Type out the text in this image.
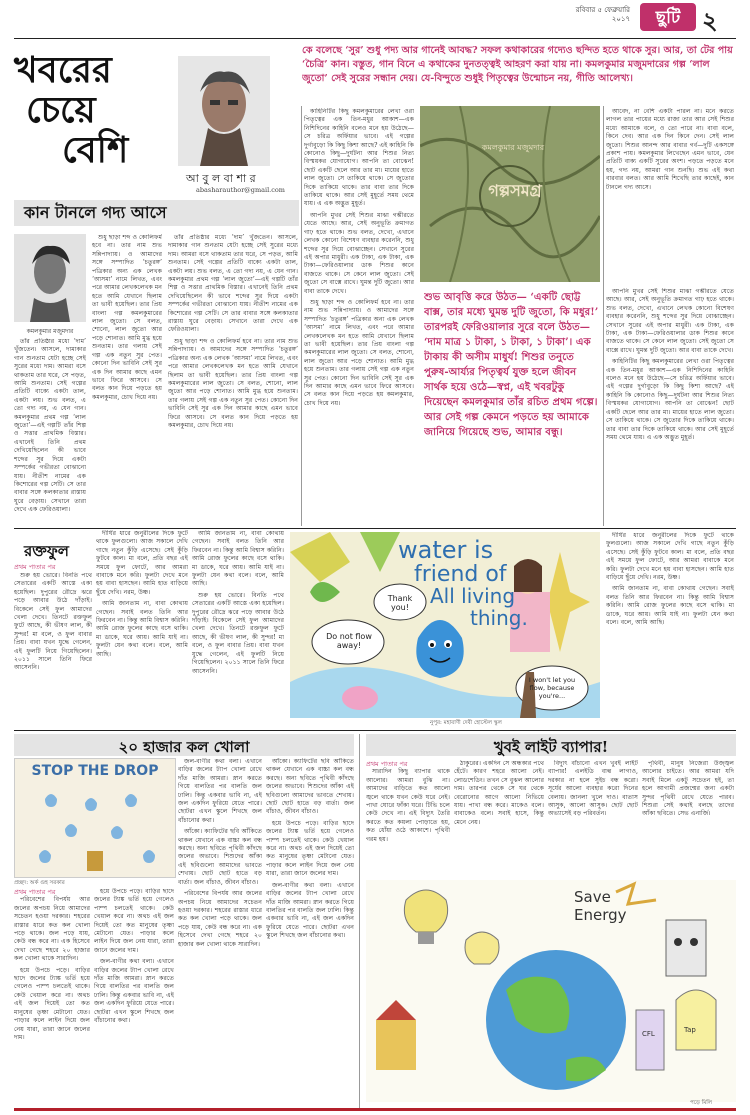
রবিবার ৫ ফেব্রুয়ারি ২০১৭	ছুটি ২
খবরের
চেয়ে
বেশি
আ বু ল বা শা র
abasharauthor@gmail.com
কে বলেছে ‘সুর’ শুধু পদ্য আর গানেই আবদ্ধ? সফল কথাকারের গদ্যেও ছন্দিত হতে থাকে সুর। আর, তা টের পায় ‘চৈত্রি’ কান। বস্তুত, গান বিনে এ কথাকের দুনতত্ত্বই আহরণ করা যায় না। কমলকুমার মজুমদারের গল্প ‘লাল জুতো’ সেই সুরের সন্ধান দেয়। যে-বিন্দুতে শুধুই পিতৃত্বের উন্মোচন নয়, গীতি আলেখ্য।
কান টানলে গদ্য আসে
কমলকুমার মজুমদার

শুধু ছাড়া শব্দ ও কোলিফর্ম হবে না। তার নাম শুভ সন্নিপাদ্যায়। ও আমাদের সঙ্গে সম্পাদিত ‘চতুরঙ্গ’ পত্রিকার অন্য এক লেখক ‘আসমা’ নামে লিখত, এবং পরে আমার লেখকলেখক মন হতে আমি যেখানে ছিলাম তা ভাবী হয়েছিল। তার প্রিয় বাংলা গল্প কমলকুমারের লাল জুতো। সে বলত, শোনো, লাল জুতো আর পড়ে শোনাত। আমি মুগ্ধ হয়ে শুনতাম। তার গলায় সেই গল্প এক নতুন সুর পেত। কোনো দিন ভাবিনি সেই সুর এক দিন আমার কাছে এমন ভাবে ফিরে আসবে। সে বলত কান দিয়ে পড়তে হয় কমলকুমার, চোখ দিয়ে নয়।

তাঁর প্রতিষ্ঠার মধ্যে ‘দাম’ খুঁজতেন। আসলে, দামাকার গান শুনতাম যেটা হচ্ছে সেই সুরের মধ্যে দাম। আমরা বসে থাকতাম তার ঘরে, সে পড়ত, আমি শুনতাম। সেই গল্পের প্রতিটি বাক্যে একটা তাল, একটা লয়। শুভ বলত, এ তো গদ্য নয়, এ যেন গান। কমলকুমার প্রথম গল্প ‘লাল জুতো’—এই গল্পটি তাঁর শিল্প ও সত্তার প্রাথমিক বিস্তার। এখানেই তিনি প্রথম দেখিয়েছিলেন কী ভাবে শব্দের সুর দিয়ে একটা সম্পর্কের গভীরতা বোঝানো যায়। নীতীশ নামের এক কিশোরের গল্প সেটি। সে তার বাবার সঙ্গে কলকাতার রাস্তায় ঘুরে বেড়ায়। সেখানে তারা দেখে এক ফেরিওয়ালা।

তাঁর প্রতিষ্ঠার মধ্যে ‘দাম’ খুঁজতেন। আসলে, দামাকার গান শুনতাম যেটা হচ্ছে সেই সুরের মধ্যে দাম। আমরা বসে থাকতাম তার ঘরে, সে পড়ত, আমি শুনতাম। সেই গল্পের প্রতিটি বাক্যে একটা তাল, একটা লয়। শুভ বলত, এ তো গদ্য নয়, এ যেন গান। কমলকুমার প্রথম গল্প ‘লাল জুতো’—এই গল্পটি তাঁর শিল্প ও সত্তার প্রাথমিক বিস্তার। এখানেই তিনি প্রথম দেখিয়েছিলেন কী ভাবে শব্দের সুর দিয়ে একটা সম্পর্কের গভীরতা বোঝানো যায়। নীতীশ নামের এক কিশোরের গল্প সেটি। সে তার বাবার সঙ্গে কলকাতার রাস্তায় ঘুরে বেড়ায়। সেখানে তারা দেখে এক ফেরিওয়ালা।

শুধু ছাড়া শব্দ ও কোলিফর্ম হবে না। তার নাম শুভ সন্নিপাদ্যায়। ও আমাদের সঙ্গে সম্পাদিত ‘চতুরঙ্গ’ পত্রিকার অন্য এক লেখক ‘আসমা’ নামে লিখত, এবং পরে আমার লেখকলেখক মন হতে আমি যেখানে ছিলাম তা ভাবী হয়েছিল। তার প্রিয় বাংলা গল্প কমলকুমারের লাল জুতো। সে বলত, শোনো, লাল জুতো আর পড়ে শোনাত। আমি মুগ্ধ হয়ে শুনতাম। তার গলায় সেই গল্প এক নতুন সুর পেত। কোনো দিন ভাবিনি সেই সুর এক দিন আমার কাছে এমন ভাবে ফিরে আসবে। সে বলত কান দিয়ে পড়তে হয় কমলকুমার, চোখ দিয়ে নয়।

কাহিনিটির কিছু কমলকুমারের লেখা ওরা পিতৃত্বের এক তিন-মধুর আকাশ—এক নিশিদিনের কাহিনি বলেও মনে হয় উঠেছে—সে চরিত্র অর্ফিয়ার ভাবে। এই গল্পের দুর্গাবুড়ো কি কিছু কিশা আছে? এই কাহিনি কি কোনোও কিছু—দুর্ঘটনা আর শিশুর নিত্য বিস্ময়কর যোগাযোগ। আপনি তা বোঝেন! ছোট একটি ছেলে আর তার মা। মায়ের হাতে লাল জুতো। সে তাকিয়ে থাকে। সে জুতোর দিকে তাকিয়ে থাকে। তার বাবা তার দিকে তাকিয়ে থাকে। আর সেই মুহূর্তে সময় থেমে যায়। এ এক অদ্ভুত মুহূর্ত।

আপনি মুখর সেই শিশুর মাঝা গম্ভীরতে যেতে আছে। আর, সেই অনুভূতি ক্রমাগত গাঢ় হতে থাকে। শুভ বলত, দেখো, এখানে লেখক কোনো বিশেষণ ব্যবহার করেননি, শুধু শব্দের সুর দিয়ে বোঝাচ্ছেন। সেখানে সুরের এই অপার মাধুরী। এক টাকা, এক টাকা, এক টাকা—ফেরিওয়ালার ডাক শিশুর কানে বাজতে থাকে। সে কেনে লাল জুতো। সেই জুতো সে বাক্সে রাখে। ঘুমন্ত দুটি জুতো। আর বাবা তাকে দেখে।

শুধু ছাড়া শব্দ ও কোলিফর্ম হবে না। তার নাম শুভ সন্নিপাদ্যায়। ও আমাদের সঙ্গে সম্পাদিত ‘চতুরঙ্গ’ পত্রিকার অন্য এক লেখক ‘আসমা’ নামে লিখত, এবং পরে আমার লেখকলেখক মন হতে আমি যেখানে ছিলাম তা ভাবী হয়েছিল। তার প্রিয় বাংলা গল্প কমলকুমারের লাল জুতো। সে বলত, শোনো, লাল জুতো আর পড়ে শোনাত। আমি মুগ্ধ হয়ে শুনতাম। তার গলায় সেই গল্প এক নতুন সুর পেত। কোনো দিন ভাবিনি সেই সুর এক দিন আমার কাছে এমন ভাবে ফিরে আসবে। সে বলত কান দিয়ে পড়তে হয় কমলকুমার, চোখ দিয়ে নয়।

কমলকুমার মজুমদার
গল্পসমগ্র

আবেদ, না বেশি একটা পারল না। মনে করতে লাগল তার পায়ের মধ্যে রাজা তার আর সেই শিশুর মধ্যে আমাকে বলে, ও তো পারে না। বাবা বলে, কিনে দেব। আর এক দিন কিনে দেন। সেই লাল জুতো। শিশুর আনন্দ আর বাবার গর্ব—দুটি একসঙ্গে প্রকাশ পায়। কমলকুমার লিখেছেন এমন ভাবে, যেন প্রতিটি বাক্য একটি সুরের অংশ। পড়তে পড়তে মনে হয়, গদ্য নয়, আমরা গান শুনছি। শুভ এই কথা বারবার বলত। আর আমি শিখেছি তার কাছেই, কান টানলে গদ্য আসে।

শুভ আবৃত্তি করে উঠত— ‘একটি ছোট্ট বাক্স, তার মধ্যে ঘুমন্ত দুটি জুতো, কি মধুর!’ তারপরই ফেরিওয়ালার সুরে বলে উঠত— ‘দাম মাত্র ১ টাকা, ১ টাকা, ১ টাকা’। এক টাকায় কী অসীম মাধুর্য! শিশুর তনুতে পুরুষ-আর্য্যর পিতৃত্বর্য যুক্ত হলে জীবন সার্থক হয়ে ওঠে—স্বপ্ন, এই খবরটুকু দিয়েছেন কমলকুমার তাঁর রচিত প্রথম গল্পে। আর সেই গল্প কেমনে পড়তে হয় আমাকে জানিয়ে গিয়েছে শুভ, আমার বন্ধু।

আপনি মুখর সেই শিশুর মাঝা গম্ভীরতে যেতে আছে। আর, সেই অনুভূতি ক্রমাগত গাঢ় হতে থাকে। শুভ বলত, দেখো, এখানে লেখক কোনো বিশেষণ ব্যবহার করেননি, শুধু শব্দের সুর দিয়ে বোঝাচ্ছেন। সেখানে সুরের এই অপার মাধুরী। এক টাকা, এক টাকা, এক টাকা—ফেরিওয়ালার ডাক শিশুর কানে বাজতে থাকে। সে কেনে লাল জুতো। সেই জুতো সে বাক্সে রাখে। ঘুমন্ত দুটি জুতো। আর বাবা তাকে দেখে।

কাহিনিটির কিছু কমলকুমারের লেখা ওরা পিতৃত্বের এক তিন-মধুর আকাশ—এক নিশিদিনের কাহিনি বলেও মনে হয় উঠেছে—সে চরিত্র অর্ফিয়ার ভাবে। এই গল্পের দুর্গাবুড়ো কি কিছু কিশা আছে? এই কাহিনি কি কোনোও কিছু—দুর্ঘটনা আর শিশুর নিত্য বিস্ময়কর যোগাযোগ। আপনি তা বোঝেন! ছোট একটি ছেলে আর তার মা। মায়ের হাতে লাল জুতো। সে তাকিয়ে থাকে। সে জুতোর দিকে তাকিয়ে থাকে। তার বাবা তার দিকে তাকিয়ে থাকে। আর সেই মুহূর্তে সময় থেমে যায়। এ এক অদ্ভুত মুহূর্ত।

রক্তফুল
প্রথম পাতার পর

শুরু হয় ভোরে। বিনতি পথে সেতারের একটি আস্তে একা হয়েছিল। দুপুরের রৌদ্রে ঝরে পড়ে আবার উঠে দাঁড়াই। বিকেলে সেই ফুল আমাদের খেলা দেখে। তিনটে রক্তফুল ফুটে আছে, কী ভীষণ লাল, কী সুন্দর! মা বলে, ও ফুল বাবার প্রিয়। বাবা যখন যুদ্ধে গেলেন, এই ফুলটি নিয়ে গিয়েছিলেন। ২০১১ সালে তিনি ফিরে আসেননি।

দীর্ঘির ধারে জনুরীলের দিকে ফুটে থাকে ফুলগুলো। আজ সকালে দেখি গাছে নতুন কুঁড়ি এসেছে। সেই কুঁড়ি ফুটবে কাল। মা বলে, প্রতি বছর এই সময়ে ফুল ফোটে, আর আমরা বাবাকে মনে করি। ফুলটা দেখে মনে হয় বাবা হাসছেন। আমি হাত বাড়িয়ে ছুঁয়ে দেখি। নরম, উষ্ণ।

আমি জানতাম না, বাবা কোথায় গেছেন। সবাই বলত তিনি আর ফিরবেন না। কিন্তু আমি বিশ্বাস করিনি। আমি রোজ ফুলের কাছে বসে থাকি। মা ডাকে, ঘরে আয়। আমি যাই না। ফুলটা যেন কথা বলে। বলে, আমি আছি।

আমি জানতাম না, বাবা কোথায় গেছেন। সবাই বলত তিনি আর ফিরবেন না। কিন্তু আমি বিশ্বাস করিনি। আমি রোজ ফুলের কাছে বসে থাকি। মা ডাকে, ঘরে আয়। আমি যাই না। ফুলটা যেন কথা বলে। বলে, আমি আছি।

শুরু হয় ভোরে। বিনতি পথে সেতারের একটি আস্তে একা হয়েছিল। দুপুরের রৌদ্রে ঝরে পড়ে আবার উঠে দাঁড়াই। বিকেলে সেই ফুল আমাদের খেলা দেখে। তিনটে রক্তফুল ফুটে আছে, কী ভীষণ লাল, কী সুন্দর! মা বলে, ও ফুল বাবার প্রিয়। বাবা যখন যুদ্ধে গেলেন, এই ফুলটি নিয়ে গিয়েছিলেন। ২০১১ সালে তিনি ফিরে আসেননি।

water is
friend of
All living
thing.
Thank you!
Do not flow away!
I won't let you flow, because you're...
নুপুর: মহাবাণী দেবী হোস্টেল স্কুল

দীর্ঘির ধারে জনুরীলের দিকে ফুটে থাকে ফুলগুলো। আজ সকালে দেখি গাছে নতুন কুঁড়ি এসেছে। সেই কুঁড়ি ফুটবে কাল। মা বলে, প্রতি বছর এই সময়ে ফুল ফোটে, আর আমরা বাবাকে মনে করি। ফুলটা দেখে মনে হয় বাবা হাসছেন। আমি হাত বাড়িয়ে ছুঁয়ে দেখি। নরম, উষ্ণ।

আমি জানতাম না, বাবা কোথায় গেছেন। সবাই বলত তিনি আর ফিরবেন না। কিন্তু আমি বিশ্বাস করিনি। আমি রোজ ফুলের কাছে বসে থাকি। মা ডাকে, ঘরে আয়। আমি যাই না। ফুলটা যেন কথা বলে। বলে, আমি আছি।

২০ হাজার কল খোলা	খুবই লাইট ব্যাপার!
STOP THE DROP
প্রচ্ছদ: অর্ক গুহ সরকার
প্রথম পাতার পর

পরিবেশের বিপর্যয় আর জলের অপচয় নিয়ে আমাদের সচেতন হওয়া দরকার। শহরের রাস্তার ধারে কত কল খোলা পড়ে থাকে। জল পড়ে যায়, কেউ বন্ধ করে না। এক হিসেবে দেখা গেছে শহরে ২০ হাজার কল খোলা থাকে সারাদিন।

হয়ে উপচে পড়ে। বাড়ির ছাদে জলের ট্যাঙ্ক ভর্তি হয়ে গেলেও পাম্প চলতেই থাকে। কেউ খেয়াল করে না। অথচ এই জল দিয়েই তো কত মানুষের তৃষ্ণা মেটানো যেত। পাড়ার কলে লাইন দিয়ে জল নেয় যারা, তারা জানে জলের দাম।

হয়ে উপচে পড়ে। বাড়ির ছাদে জলের ট্যাঙ্ক ভর্তি হয়ে গেলেও পাম্প চলতেই থাকে। কেউ খেয়াল করে না। অথচ এই জল দিয়েই তো কত মানুষের তৃষ্ণা মেটানো যেত। পাড়ার কলে লাইন দিয়ে জল নেয় যারা, তারা জানে জলের দাম।

জল-বাণীর কথা বলা। এখানে বাড়ির জলের ট্যাপ খোলা রেখে দাঁত মাজি আমরা। স্নান করতে গিয়ে বালতির পর বালতি জল ঢালি। কিন্তু একবার ভাবি না, এই জল একদিন ফুরিয়ে যেতে পারে। ছোটরা এখন স্কুলে শিখছে জল বাঁচানোর কথা।

জল-বাণীর কথা বলা। এখানে বাড়ির জলের ট্যাপ খোলা রেখে দাঁত মাজি আমরা। স্নান করতে গিয়ে বালতির পর বালতি জল ঢালি। কিন্তু একবার ভাবি না, এই জল একদিন ফুরিয়ে যেতে পারে। ছোটরা এখন স্কুলে শিখছে জল বাঁচানোর কথা।

আঁকো। ক্যাফিটের ছবি আঁকিতে থাকল যেখানে এক বাচ্চা কল বন্ধ করছে। অন্য ছবিতে পৃথিবী কাঁদছে জলের অভাবে। শিশুদের আঁকা এই ছবিগুলো আমাদের ভাবতে শেখায়। ছোট ছোট হাতে বড় বার্তা। জল বাঁচাও, জীবন বাঁচাও।

পরিবেশের বিপর্যয় আর জলের অপচয় নিয়ে আমাদের সচেতন হওয়া দরকার। শহরের রাস্তার ধারে কত কল খোলা পড়ে থাকে। জল পড়ে যায়, কেউ বন্ধ করে না। এক হিসেবে দেখা গেছে শহরে ২০ হাজার কল খোলা থাকে সারাদিন।

আঁকো। ক্যাফিটের ছবি আঁকিতে থাকল যেখানে এক বাচ্চা কল বন্ধ করছে। অন্য ছবিতে পৃথিবী কাঁদছে জলের অভাবে। শিশুদের আঁকা এই ছবিগুলো আমাদের ভাবতে শেখায়। ছোট ছোট হাতে বড় বার্তা। জল বাঁচাও, জীবন বাঁচাও।

হয়ে উপচে পড়ে। বাড়ির ছাদে জলের ট্যাঙ্ক ভর্তি হয়ে গেলেও পাম্প চলতেই থাকে। কেউ খেয়াল করে না। অথচ এই জল দিয়েই তো কত মানুষের তৃষ্ণা মেটানো যেত। পাড়ার কলে লাইন দিয়ে জল নেয় যারা, তারা জানে জলের দাম।

জল-বাণীর কথা বলা। এখানে বাড়ির জলের ট্যাপ খোলা রেখে দাঁত মাজি আমরা। স্নান করতে গিয়ে বালতির পর বালতি জল ঢালি। কিন্তু একবার ভাবি না, এই জল একদিন ফুরিয়ে যেতে পারে। ছোটরা এখন স্কুলে শিখছে জল বাঁচানোর কথা।

প্রথম পাতার পর

সারাদিন কিছু ব্যাপার থাকে আলোর। আমরা বুঝি না। আমাদের বাড়িতে কত আলো জ্বলে থাকে যখন কেউ ঘরে নেই। পাখা ঘোরে ফাঁকা ঘরে। টিভি চলে কেউ দেখে না। এই বিদ্যুৎ তৈরি করতে কত কয়লা পোড়াতে হয়, কত ধোঁয়া ওঠে আকাশে। পৃথিবী গরম হয়।

ঠাকুরের। একদিন সে অন্ধকার পথে হেঁটে। কারণ শহরে আলো নেই। লোডশেডিং। তখন সে বুঝল আলোর দাম। তারপর থেকে সে ঘর থেকে বেরোনোর আগে আলো নিভিয়ে যায়। পাখা বন্ধ করে। মাকেও বলে। বাবাকেও বলে। সবাই হাসে, কিন্তু মেনে নেয়।

বিদ্যুৎ বাঁচানো এখন খুবই লাইট ব্যাপার! এলইডি বাল্ব লাগাও, দরকার না হলে সুইচ বন্ধ করো। সূর্যের আলো ব্যবহার করো দিনের বেলায়। জানলা খুলে দাও। বাতাস আসুক, আলো আসুক। ছোট ছোট অভ্যাসেই বড় পরিবর্তন।

পৃথিবী, মানুষ নিজেরা উজ্জ্বল আলোর চাইতে। আর আমরা যদি সবাই মিলে একটু সচেতন হই, তা হলে আগামী প্রজন্মের জন্য একটা সুন্দর পৃথিবী রেখে যেতে পারব। শিশুরা সেই কথাই বলছে তাদের আঁকা ছবিতে। সেভ এনার্জি।

Save Energy
CFL	Tap
পড়ে মিলি
